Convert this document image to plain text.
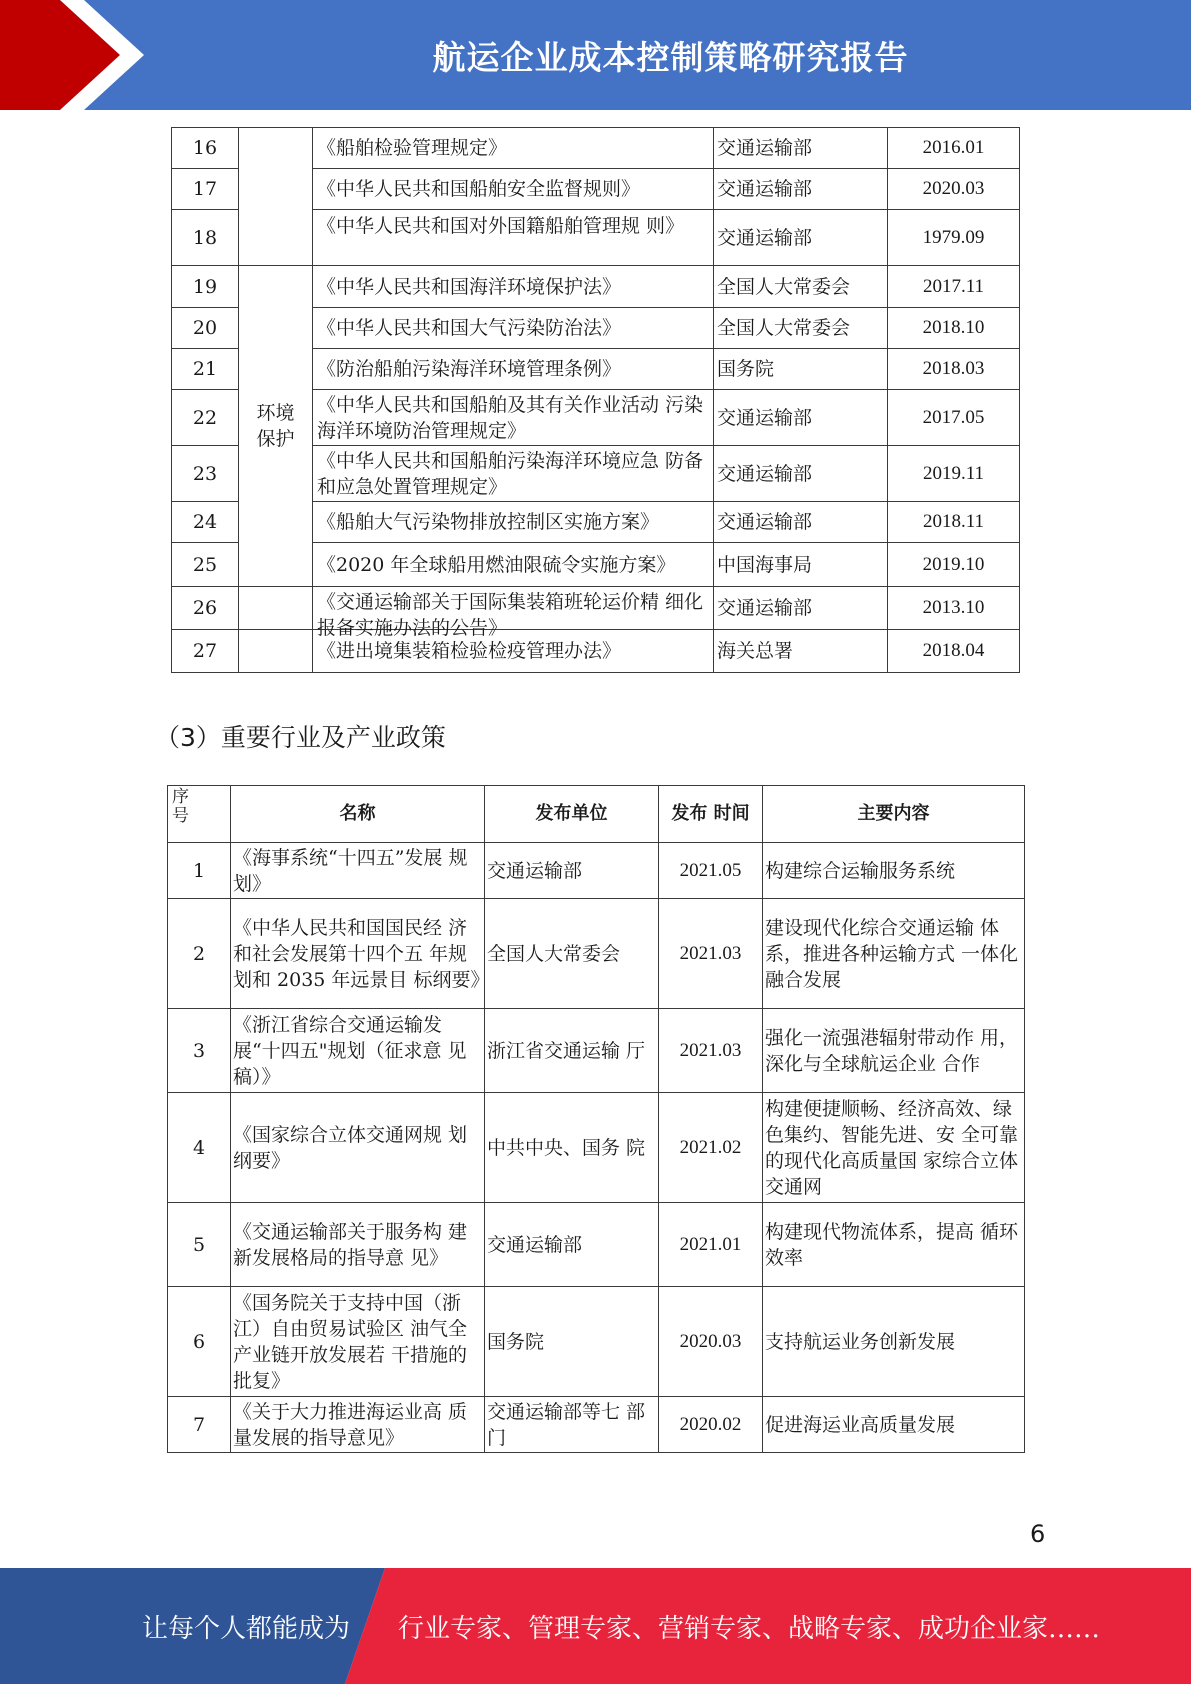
航运企业成本控制策略研究报告
16		《船舶检验管理规定》	交通运输部	2016.01
17		《中华人民共和国船舶安全监督规则》	交通运输部	2020.03
18		《中华人民共和国对外国籍船舶管理规 则》	交通运输部	1979.09
19	环境保护	《中华人民共和国海洋环境保护法》	全国人大常委会	2017.11
20		《中华人民共和国大气污染防治法》	全国人大常委会	2018.10
21		《防治船舶污染海洋环境管理条例》	国务院	2018.03
22		《中华人民共和国船舶及其有关作业活动 污染海洋环境防治管理规定》	交通运输部	2017.05
23		《中华人民共和国船舶污染海洋环境应急 防备和应急处置管理规定》	交通运输部	2019.11
24		《船舶大气污染物排放控制区实施方案》	交通运输部	2018.11
25		《2020 年全球船用燃油限硫令实施方案》	中国海事局	2019.10
26		《交通运输部关于国际集装箱班轮运价精 细化报备实施办法的公告》	交通运输部	2013.10
27		《进出境集装箱检验检疫管理办法》	海关总署	2018.04
（3）重要行业及产业政策
序号	名称	发布单位	发布 时间	主要内容
1	《海事系统“十四五”发展 规划》	交通运输部	2021.05	构建综合运输服务系统
2	《中华人民共和国国民经 济和社会发展第十四个五 年规划和 2035 年远景目 标纲要》	全国人大常委会	2021.03	建设现代化综合交通运输 体系，推进各种运输方式 一体化融合发展
3	《浙江省综合交通运输发 展“十四五"规划（征求意 见稿）》	浙江省交通运输 厅	2021.03	强化一流强港辐射带动作 用，深化与全球航运企业 合作
4	《国家综合立体交通网规 划纲要》	中共中央、国务 院	2021.02	构建便捷顺畅、经济高效、绿色集约、智能先进、安 全可靠的现代化高质量国 家综合立体交通网
5	《交通运输部关于服务构 建新发展格局的指导意 见》	交通运输部	2021.01	构建现代物流体系，提高 循环效率
6	《国务院关于支持中国（浙江）自由贸易试验区 油气全产业链开放发展若 干措施的批复》	国务院	2020.03	支持航运业务创新发展
7	《关于大力推进海运业高 质量发展的指导意见》	交通运输部等七 部门	2020.02	促进海运业高质量发展
6
让每个人都能成为 行业专家、管理专家、营销专家、战略专家、成功企业家……
